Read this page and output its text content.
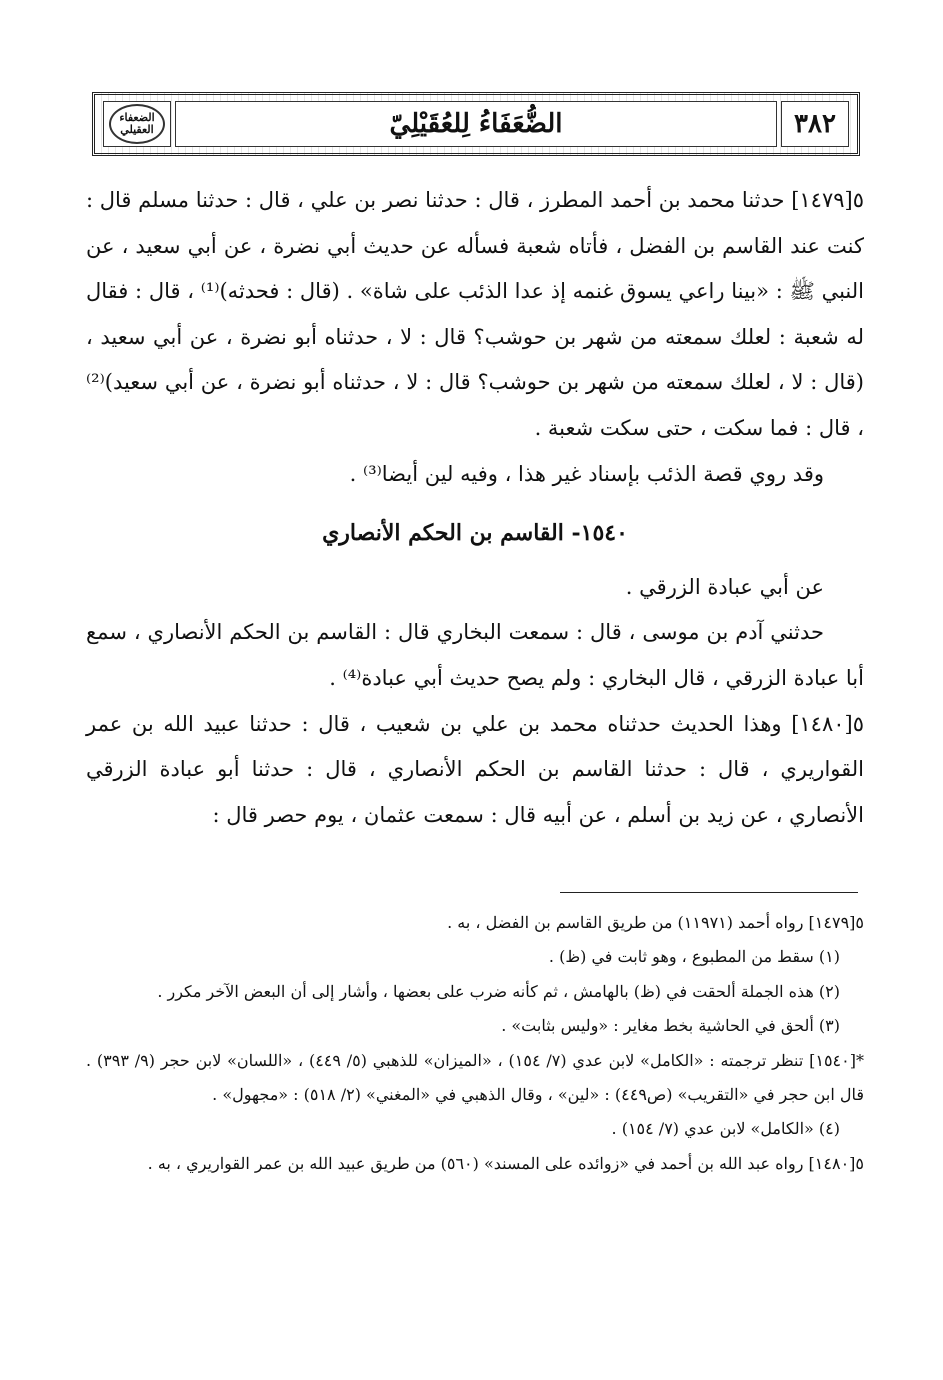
٣٨٢
الضُّعَفَاءُ لِلعُقَيْلِيّ
الضعفاء العقيلي

٥[١٤٧٩] حدثنا محمد بن أحمد المطرز ، قال : حدثنا نصر بن علي ، قال : حدثنا مسلم قال : كنت عند القاسم بن الفضل ، فأتاه شعبة فسأله عن حديث أبي نضرة ، عن أبي سعيد ، عن النبي ﷺ : «بينا راعي يسوق غنمه إذ عدا الذئب على شاة» . (قال : فحدثه)⁽¹⁾ ، قال : فقال له شعبة : لعلك سمعته من شهر بن حوشب؟ قال : لا ، حدثناه أبو نضرة ، عن أبي سعيد ، (قال : لا ، لعلك سمعته من شهر بن حوشب؟ قال : لا ، حدثناه أبو نضرة ، عن أبي سعيد)⁽²⁾ ، قال : فما سكت ، حتى سكت شعبة .

وقد روي قصة الذئب بإسناد غير هذا ، وفيه لين أيضا⁽³⁾ .

١٥٤٠- القاسم بن الحكم الأنصاري

عن أبي عبادة الزرقي .

حدثني آدم بن موسى ، قال : سمعت البخاري قال : القاسم بن الحكم الأنصاري ، سمع أبا عبادة الزرقي ، قال البخاري : ولم يصح حديث أبي عبادة⁽⁴⁾ .

٥[١٤٨٠] وهذا الحديث حدثناه محمد بن علي بن شعيب ، قال : حدثنا عبيد الله بن عمر القواريري ، قال : حدثنا القاسم بن الحكم الأنصاري ، قال : حدثنا أبو عبادة الزرقي الأنصاري ، عن زيد بن أسلم ، عن أبيه قال : سمعت عثمان ، يوم حصر قال :

٥[١٤٧٩] رواه أحمد (١١٩٧١) من طريق القاسم بن الفضل ، به .

(١) سقط من المطبوع ، وهو ثابت في (ظ) .

(٢) هذه الجملة ألحقت في (ظ) بالهامش ، ثم كأنه ضرب على بعضها ، وأشار إلى أن البعض الآخر مكرر .

(٣) ألحق في الحاشية بخط مغاير : «وليس بثابت» .

*[١٥٤٠] تنظر ترجمته : «الكامل» لابن عدي (٧/ ١٥٤) ، «الميزان» للذهبي (٥/ ٤٤٩) ، «اللسان» لابن حجر (٩/ ٣٩٣) . قال ابن حجر في «التقريب» (ص٤٤٩) : «لين» ، وقال الذهبي في «المغني» (٢/ ٥١٨) : «مجهول» .

(٤) «الكامل» لابن عدي (٧/ ١٥٤) .

٥[١٤٨٠] رواه عبد الله بن أحمد في «زوائده على المسند» (٥٦٠) من طريق عبيد الله بن عمر القواريري ، به .
